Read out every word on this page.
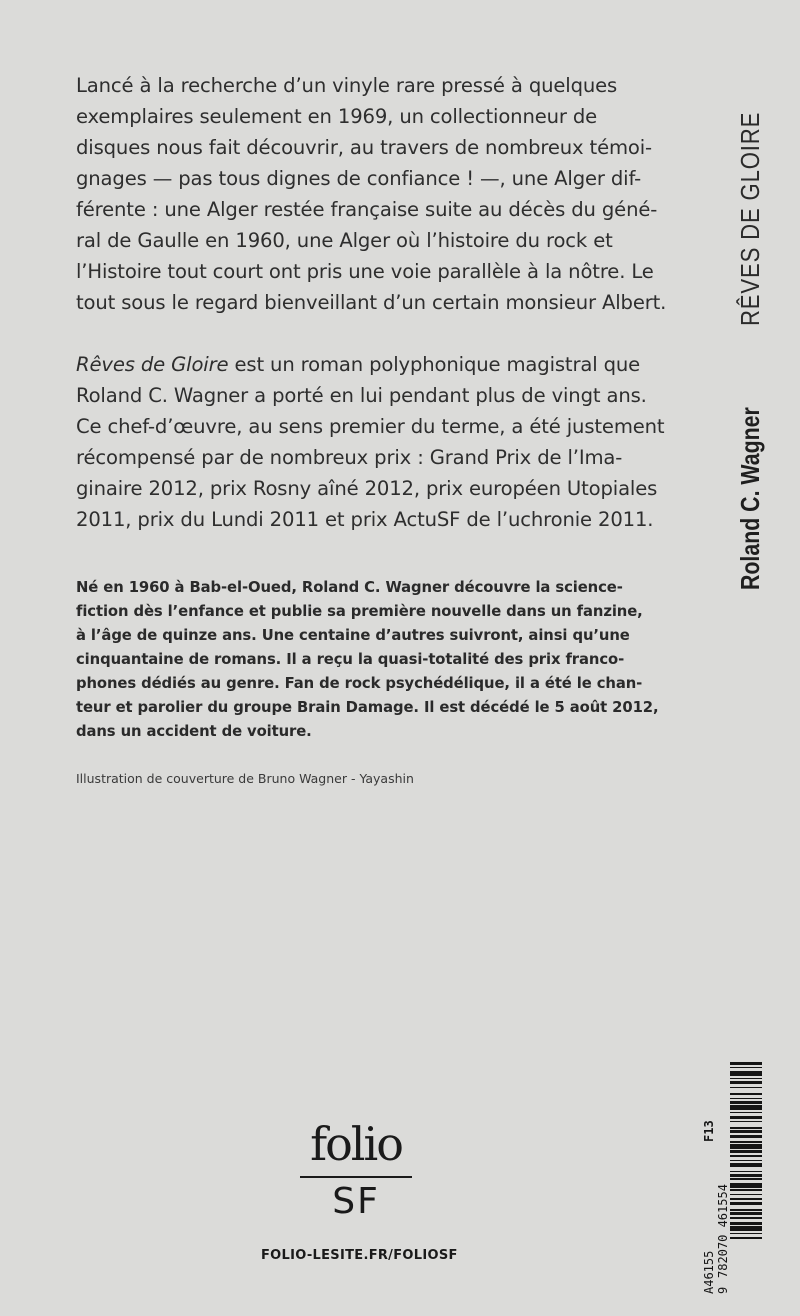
Lancé à la recherche d’un vinyle rare pressé à quelques
exemplaires seulement en 1969, un collectionneur de
disques nous fait découvrir, au travers de nombreux témoi-
gnages — pas tous dignes de confiance ! —, une Alger dif-
férente : une Alger restée française suite au décès du géné-
ral de Gaulle en 1960, une Alger où l’histoire du rock et
l’Histoire tout court ont pris une voie parallèle à la nôtre. Le
tout sous le regard bienveillant d’un certain monsieur Albert.
Rêves de Gloire est un roman polyphonique magistral que
Roland C. Wagner a porté en lui pendant plus de vingt ans.
Ce chef-d’œuvre, au sens premier du terme, a été justement
récompensé par de nombreux prix : Grand Prix de l’Ima-
ginaire 2012, prix Rosny aîné 2012, prix européen Utopiales
2011, prix du Lundi 2011 et prix ActuSF de l’uchronie 2011.
Né en 1960 à Bab-el-Oued, Roland C. Wagner découvre la science-
fiction dès l’enfance et publie sa première nouvelle dans un fanzine,
à l’âge de quinze ans. Une centaine d’autres suivront, ainsi qu’une
cinquantaine de romans. Il a reçu la quasi-totalité des prix franco-
phones dédiés au genre. Fan de rock psychédélique, il a été le chan-
teur et parolier du groupe Brain Damage. Il est décédé le 5 août 2012,
dans un accident de voiture.
Illustration de couverture de Bruno Wagner - Yayashin
Roland C. Wagner
RÊVES DE GLOIRE
folio
SF
FOLIO-LESITE.FR/FOLIOSF	A46155
F13
9
782070 461554
